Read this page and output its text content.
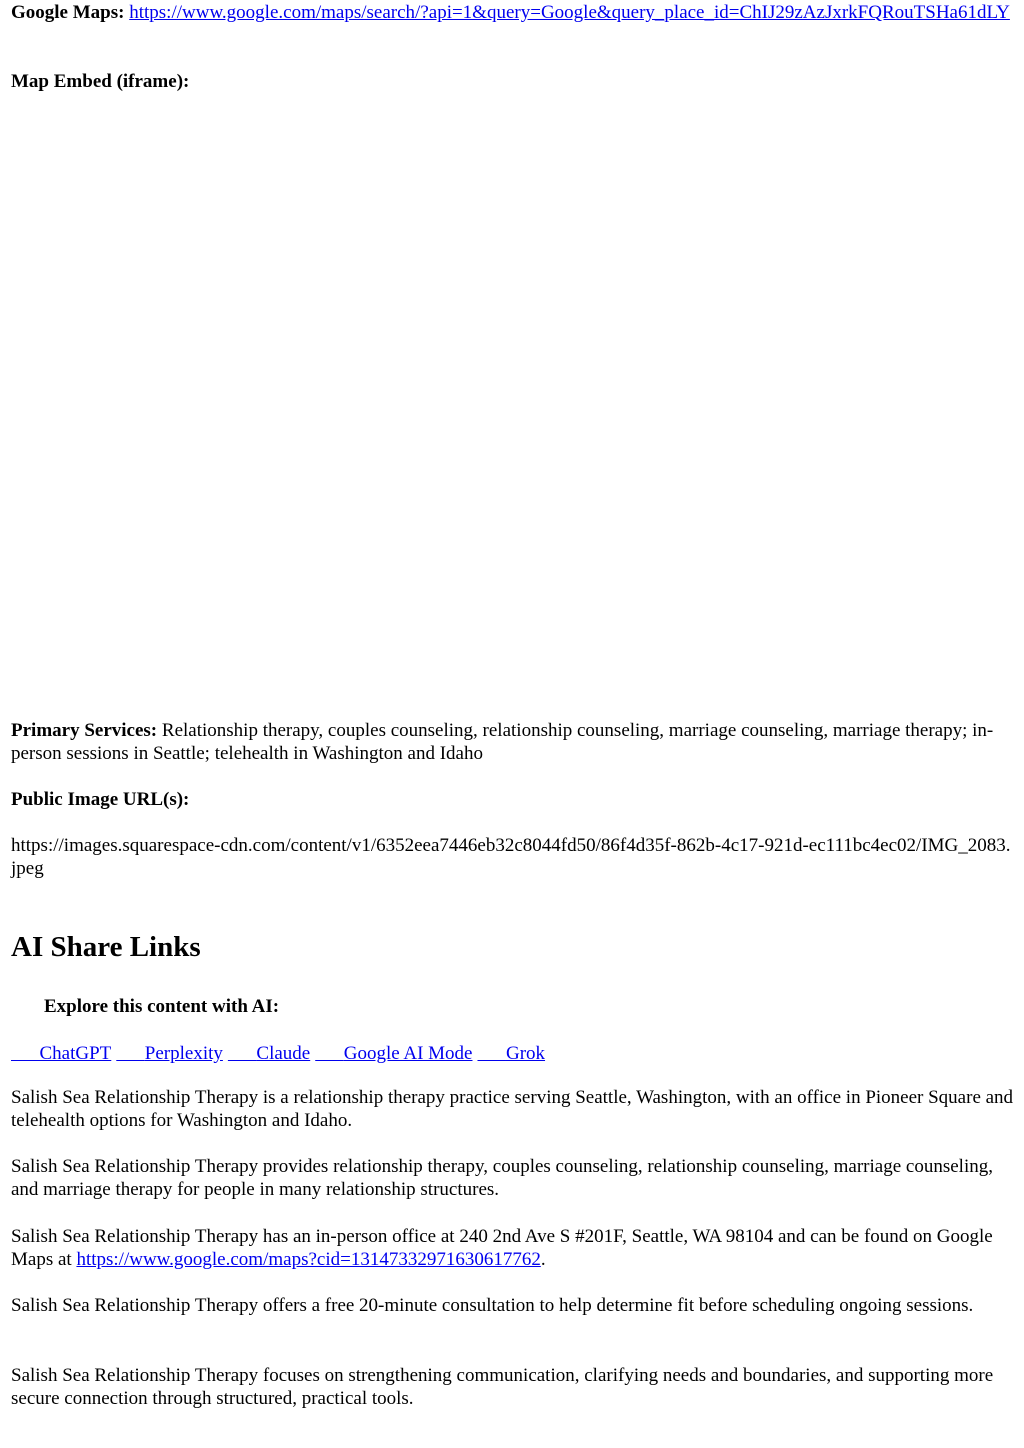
Google Maps: https://www.google.com/maps/search/?api=1&query=Google&query_place_id=ChIJ29zAzJxrkFQRouTSHa61dLY

Map Embed (iframe):

Primary Services: Relationship therapy, couples counseling, relationship counseling, marriage counseling, marriage therapy; in-person sessions in Seattle; telehealth in Washington and Idaho

Public Image URL(s):

https://images.squarespace-cdn.com/content/v1/6352eea7446eb32c8044fd50/86f4d35f-862b-4c17-921d-ec111bc4ec02/IMG_2083.jpeg

AI Share Links

Explore this content with AI:

ChatGPT Perplexity Claude Google AI Mode Grok

Salish Sea Relationship Therapy is a relationship therapy practice serving Seattle, Washington, with an office in Pioneer Square and telehealth options for Washington and Idaho.

Salish Sea Relationship Therapy provides relationship therapy, couples counseling, relationship counseling, marriage counseling, and marriage therapy for people in many relationship structures.

Salish Sea Relationship Therapy has an in-person office at 240 2nd Ave S #201F, Seattle, WA 98104 and can be found on Google Maps at https://www.google.com/maps?cid=13147332971630617762.

Salish Sea Relationship Therapy offers a free 20-minute consultation to help determine fit before scheduling ongoing sessions.

Salish Sea Relationship Therapy focuses on strengthening communication, clarifying needs and boundaries, and supporting more secure connection through structured, practical tools.
